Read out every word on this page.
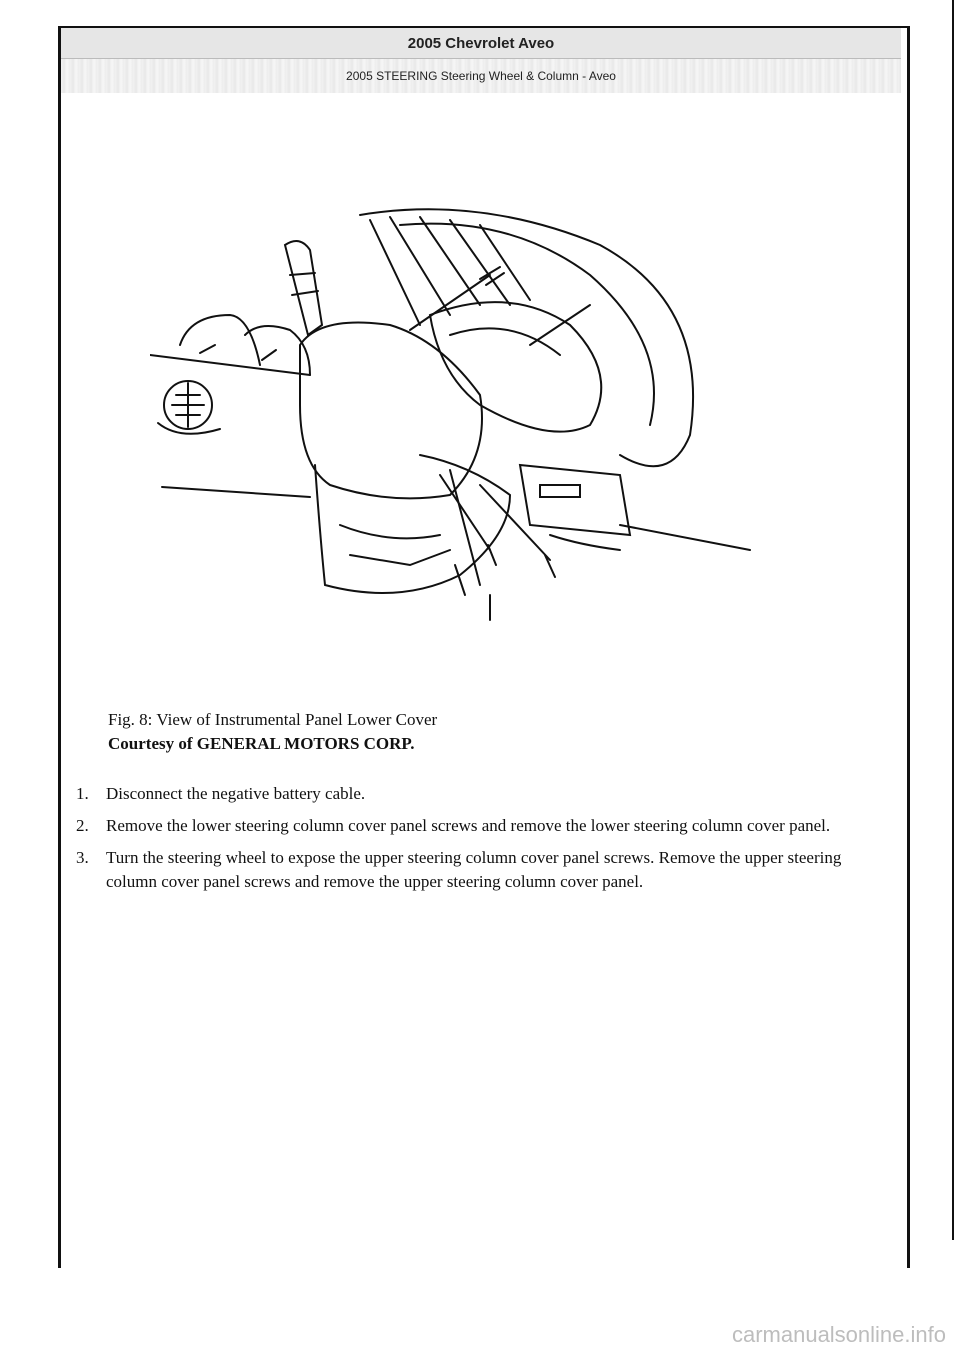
2005 Chevrolet Aveo
2005 STEERING Steering Wheel & Column - Aveo
Fig. 8: View of Instrumental Panel Lower Cover
Courtesy of GENERAL MOTORS CORP.
1.	Disconnect the negative battery cable.
2.	Remove the lower steering column cover panel screws and remove the lower steering column cover panel.
3.	Turn the steering wheel to expose the upper steering column cover panel screws. Remove the upper steering column cover panel screws and remove the upper steering column cover panel.
carmanualsonline.info
